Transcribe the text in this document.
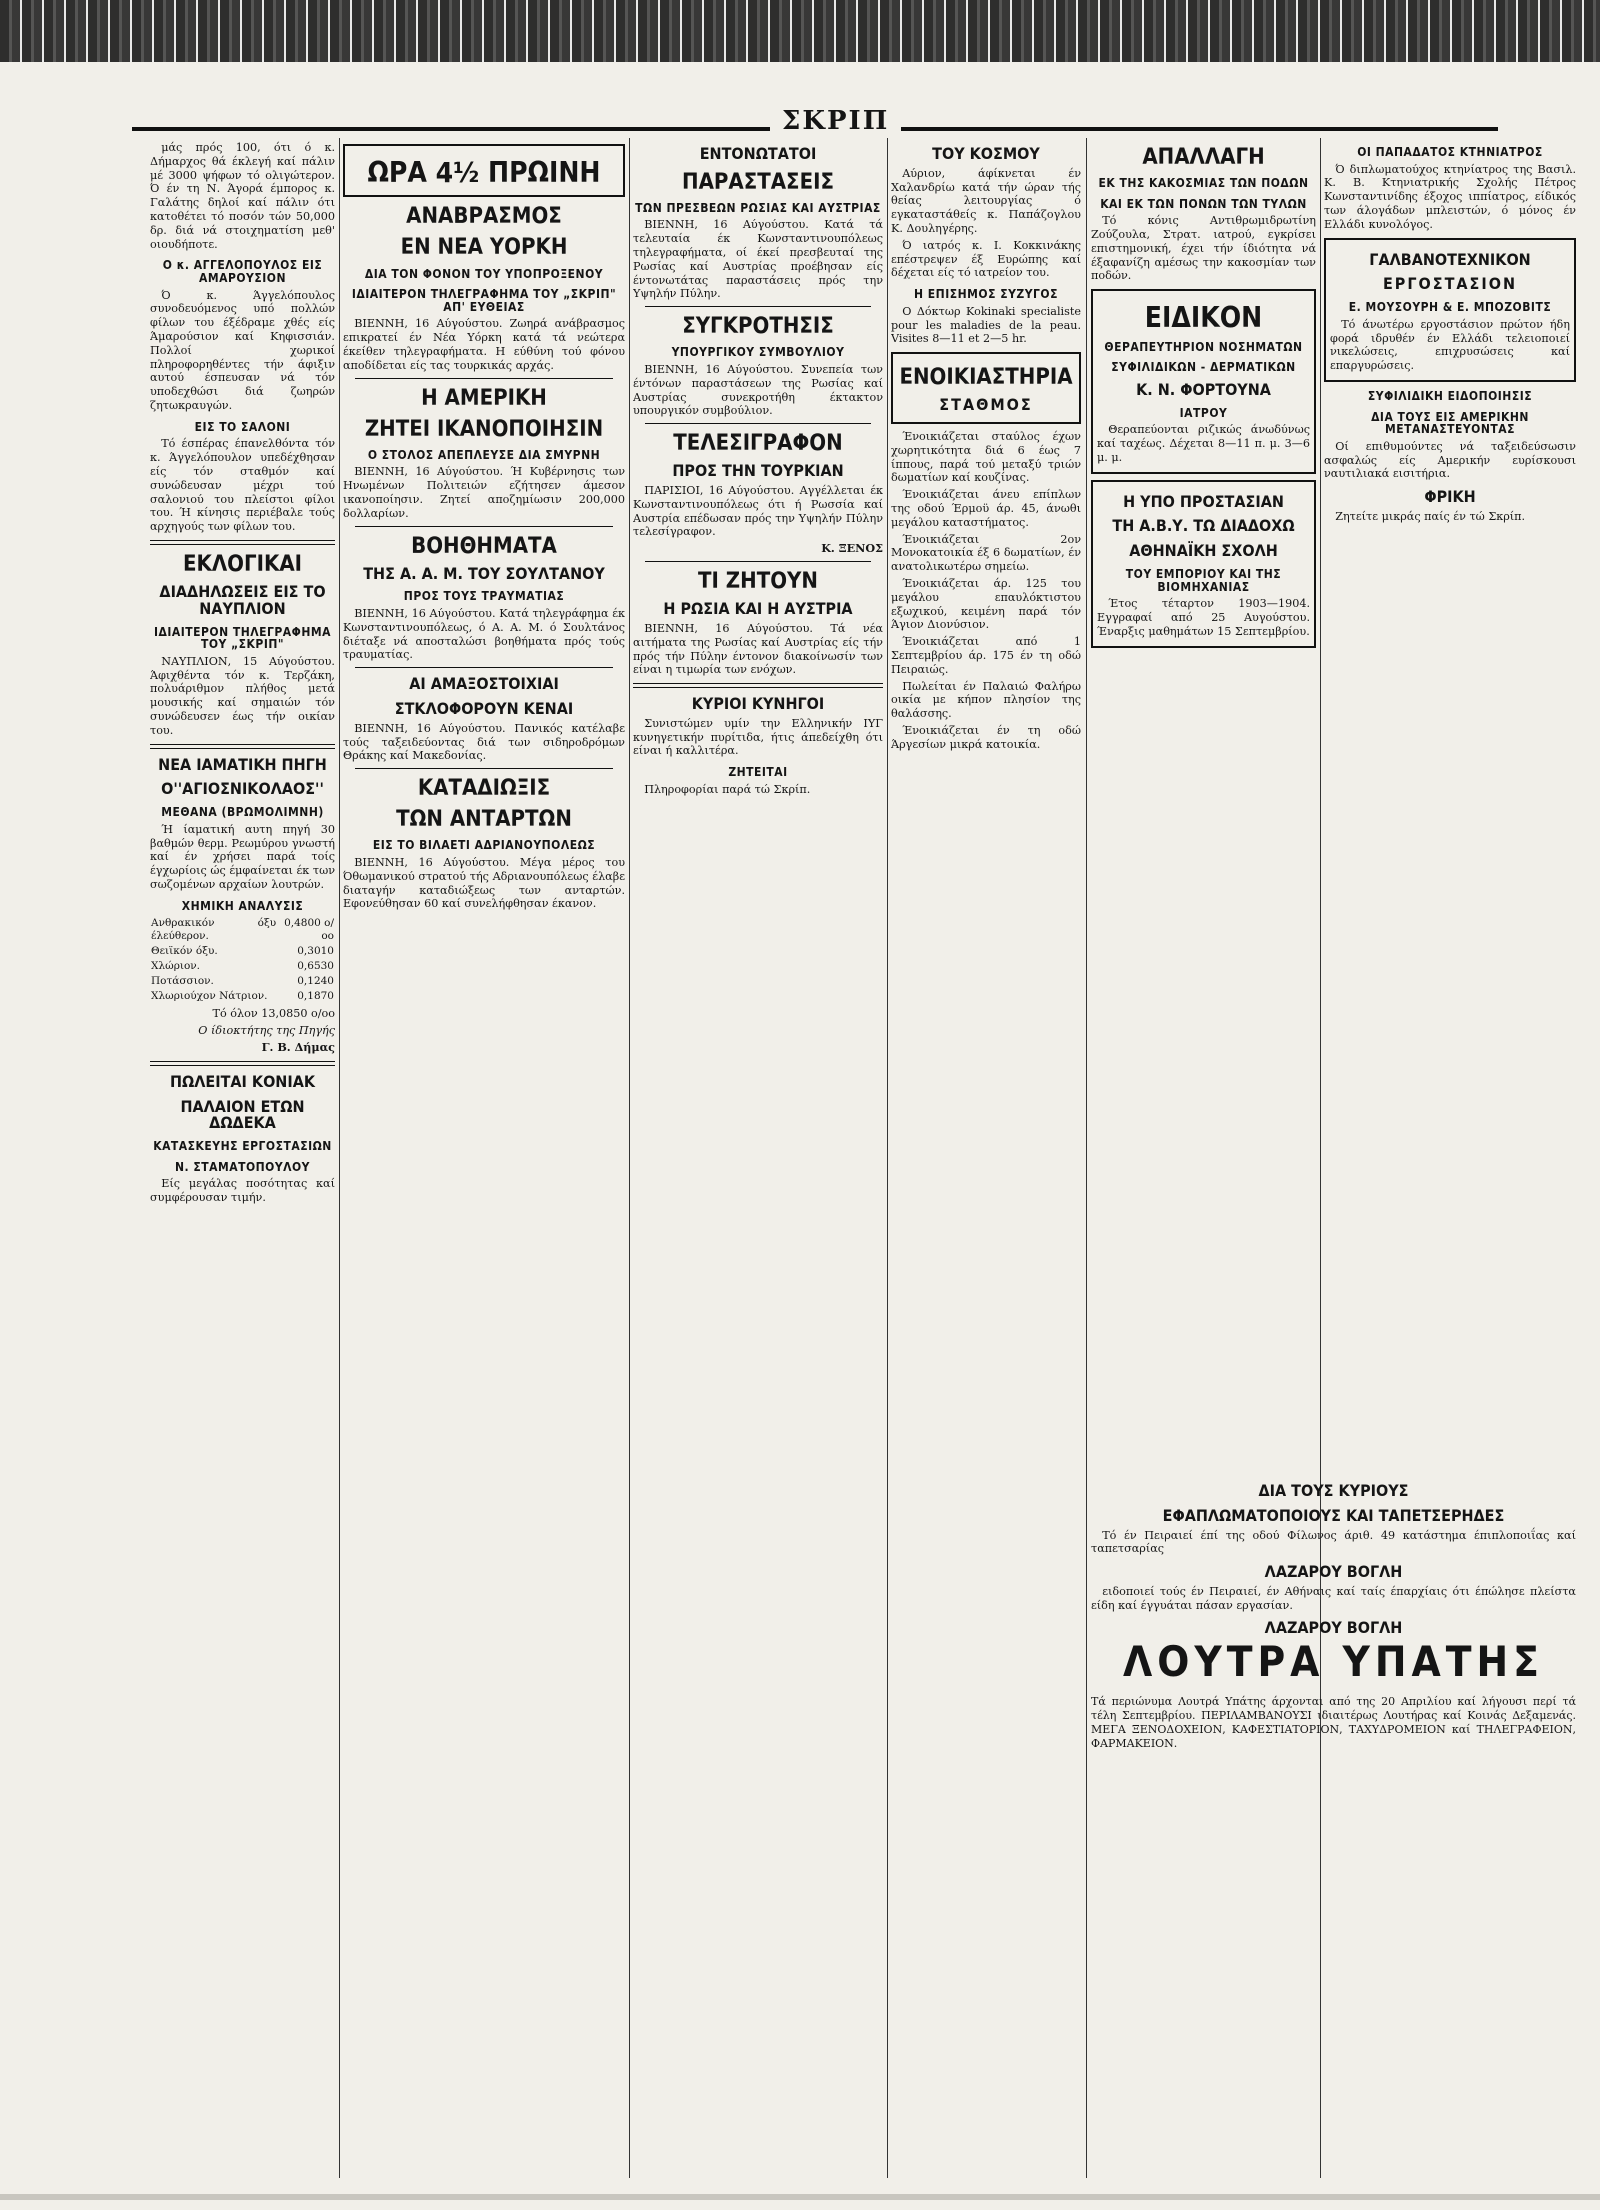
ΣΚΡΙΠ

μάς πρός 100, ότι ό κ. Δήμαρχος θά έκλεγή καί πάλιν μέ 3000 ψήφων τό ολιγώτερον. Ό έν τη Ν. Άγορά έμπορος κ. Γαλάτης δηλοί καί πάλιν ότι κατοθέτει τό ποσόν τών 50,000 δρ. διά νά στοιχηματίση μεθ' οιουδήποτε.

Ο κ. ΑΓΓΕΛΟΠΟΥΛΟΣ ΕΙΣ ΑΜΑΡΟΥΣΙΟΝ

Ό κ. Άγγελόπουλος συνοδευόμενος υπό πολλών φίλων του έξέδραμε χθές είς Άμαρούσιον καί Κηφισσιάν. Πολλοί χωρικοί πληροφορηθέντες τήν άφιξιν αυτού έσπευσαν νά τόν υποδεχθώσι διά ζωηρών ζητωκραυγών.

ΕΙΣ ΤΟ ΣΑΛΟΝΙ

Τό έσπέρας έπανελθόντα τόν κ. Άγγελόπουλον υπεδέχθησαν είς τόν σταθμόν καί συνώδευσαν μέχρι τού σαλονιού του πλείστοι φίλοι του. Ή κίνησις περιέβαλε τούς αρχηγούς των φίλων του.

ΕΚΛΟΓΙΚΑΙ
ΔΙΑΔΗΛΩΣΕΙΣ ΕΙΣ ΤΟ ΝΑΥΠΛΙΟΝ
ΙΔΙΑΙΤΕΡΟΝ ΤΗΛΕΓΡΑΦΗΜΑ ΤΟΥ „ΣΚΡΙΠ"

ΝΑΥΠΛΙΟΝ, 15 Αύγούστου. Άφιχθέντα τόν κ. Τερζάκη, πολυάριθμον πλήθος μετά μουσικής καί σημαιών τόν συνώδευσεν έως τήν οικίαν του.

ΝΕΑ ΙΑΜΑΤΙΚΗ ΠΗΓΗ
Ο''ΑΓΙΟΣΝΙΚΟΛΑΟΣ''
ΜΕΘΑΝΑ (ΒΡΩΜΟΛΙΜΝΗ)

Ή ίαματική αυτη πηγή 30 βαθμών θερμ. Ρεωμύρου γνωστή καί έν χρήσει παρά τοίς έγχωρίοις ώς έμφαίνεται έκ των σωζομένων αρχαίων λουτρών.

ΧΗΜΙΚΗ ΑΝΑΛΥΣΙΣ
Ανθρακικόν όξυ έλεύθερον.	0,4800 ο/οο
Θειϊκόν όξυ.	0,3010
Χλώριον.	0,6530
Ποτάσσιον.	0,1240
Χλωριούχον Νάτριον.	0,1870

Τό όλον 13,0850 ο/οο

Ο ίδιοκτήτης της Πηγής

Γ. Β. Δήμας

ΠΩΛΕΙΤΑΙ ΚΟΝΙΑΚ
ΠΑΛΑΙΟΝ ΕΤΩΝ ΔΩΔΕΚΑ
ΚΑΤΑΣΚΕΥΗΣ ΕΡΓΟΣΤΑΣΙΩΝ
Ν. ΣΤΑΜΑΤΟΠΟΥΛΟΥ

Είς μεγάλας ποσότητας καί συμφέρουσαν τιμήν.

ΩΡΑ 4½ ΠΡΩΙΝΗ
ΑΝΑΒΡΑΣΜΟΣ
ΕΝ ΝΕΑ ΥΟΡΚΗ
ΔΙΑ ΤΟΝ ΦΟΝΟΝ ΤΟΥ ΥΠΟΠΡΟΞΕΝΟΥ
ΙΔΙΑΙΤΕΡΟΝ ΤΗΛΕΓΡΑΦΗΜΑ ΤΟΥ „ΣΚΡΙΠ" ΑΠ' ΕΥΘΕΙΑΣ

ΒΙΕΝΝΗ, 16 Αύγούστου. Ζωηρά ανάβρασμος επικρατεί έν Νέα Υόρκη κατά τά νεώτερα έκείθεν τηλεγραφήματα. Η εύθύνη τού φόνου αποδίδεται είς τας τουρκικάς αρχάς.

Η ΑΜΕΡΙΚΗ
ΖΗΤΕΙ ΙΚΑΝΟΠΟΙΗΣΙΝ
Ο ΣΤΟΛΟΣ ΑΠΕΠΛΕΥΣΕ ΔΙΑ ΣΜΥΡΝΗ

ΒΙΕΝΝΗ, 16 Αύγούστου. Ή Κυβέρνησις των Ηνωμένων Πολιτειών εζήτησεν άμεσον ικανοποίησιν. Ζητεί αποζημίωσιν 200,000 δολλαρίων.

ΒΟΗΘΗΜΑΤΑ
ΤΗΣ Α. Α. Μ. ΤΟΥ ΣΟΥΛΤΑΝΟΥ
ΠΡΟΣ ΤΟΥΣ ΤΡΑΥΜΑΤΙΑΣ

ΒΙΕΝΝΗ, 16 Αύγούστου. Κατά τηλεγράφημα έκ Κωνσταντινουπόλεως, ό Α. Α. Μ. ό Σουλτάνος διέταξε νά αποσταλώσι βοηθήματα πρός τούς τραυματίας.

ΑΙ ΑΜΑΞΟΣΤΟΙΧΙΑΙ
ΣΤΚΛΟΦΟΡΟΥΝ ΚΕΝΑΙ

ΒΙΕΝΝΗ, 16 Αύγούστου. Πανικός κατέλαβε τούς ταξειδεύοντας διά των σιδηροδρόμων Θράκης καί Μακεδονίας.

ΚΑΤΑΔΙΩΞΙΣ
ΤΩΝ ΑΝΤΑΡΤΩΝ
ΕΙΣ ΤΟ ΒΙΛΑΕΤΙ ΑΔΡΙΑΝΟΥΠΟΛΕΩΣ

ΒΙΕΝΝΗ, 16 Αύγούστου. Μέγα μέρος του Όθωμανικού στρατού τής Αδριανουπόλεως έλαβε διαταγήν καταδιώξεως των ανταρτών. Εφονεύθησαν 60 καί συνελήφθησαν έκανον.

ΕΝΤΟΝΩΤΑΤΟΙ
ΠΑΡΑΣΤΑΣΕΙΣ
ΤΩΝ ΠΡΕΣΒΕΩΝ ΡΩΣΙΑΣ ΚΑΙ ΑΥΣΤΡΙΑΣ

ΒΙΕΝΝΗ, 16 Αύγούστου. Κατά τά τελευταία έκ Κωνσταντινουπόλεως τηλεγραφήματα, οί έκεί πρεσβευταί της Ρωσίας καί Αυστρίας προέβησαν είς έντονωτάτας παραστάσεις πρός την Υψηλήν Πύλην.

ΣΥΓΚΡΟΤΗΣΙΣ
ΥΠΟΥΡΓΙΚΟΥ ΣΥΜΒΟΥΛΙΟΥ

ΒΙΕΝΝΗ, 16 Αύγούστου. Συνεπεία των έντόνων παραστάσεων της Ρωσίας καί Αυστρίας συνεκροτήθη έκτακτον υπουργικόν συμβούλιον.

ΤΕΛΕΣΙΓΡΑΦΟΝ
ΠΡΟΣ ΤΗΝ ΤΟΥΡΚΙΑΝ

ΠΑΡΙΣΙΟΙ, 16 Αύγούστου. Αγγέλλεται έκ Κωνσταντινουπόλεως ότι ή Ρωσσία καί Αυστρία επέδωσαν πρός την Υψηλήν Πύλην τελεσίγραφον.

Κ. ΞΕΝΟΣ

ΤΙ ΖΗΤΟΥΝ
Η ΡΩΣΙΑ ΚΑΙ Η ΑΥΣΤΡΙΑ

ΒΙΕΝΝΗ, 16 Αύγούστου. Τά νέα αιτήματα της Ρωσίας καί Αυστρίας είς τήν πρός τήν Πύλην έντονον διακοίνωσίν των είναι η τιμωρία των ενόχων.

ΚΥΡΙΟΙ ΚΥΝΗΓΟΙ

Συνιστώμεν υμίν την Ελληνικήν ΙΥΓ κυνηγετικήν πυρίτιδα, ήτις άπεδείχθη ότι είναι ή καλλιτέρα.

ΖΗΤΕΙΤΑΙ

Πληροφορίαι παρά τώ Σκρίπ.

ΤΟΥ ΚΟΣΜΟΥ

Αύριον, άφίκνεται έν Χαλανδρίω κατά τήν ώραν τής θείας λειτουργίας ό εγκαταστάθείς κ. Παπάζογλου Κ. Δουληγέρης.

Ό ιατρός κ. Ι. Κοκκινάκης επέστρεψεν έξ Ευρώπης καί δέχεται είς τό ιατρείον του.

Η ΕΠΙΣΗΜΟΣ ΣΥΖΥΓΟΣ

Ο Δόκτωρ Kokinaki specialiste pour les maladies de la peau. Visites 8—11 et 2—5 hr.

ΕΝΟΙΚΙΑΣΤΗΡΙΑ
ΣΤΑΘΜΟΣ

Ένοικιάζεται σταύλος έχων χωρητικότητα διά 6 έως 7 ίππους, παρά τού μεταξύ τριών δωματίων καί κουζίνας.

Ένοικιάζεται άνευ επίπλων της οδού Έρμοϋ άρ. 45, άνωθι μεγάλου καταστήματος.

Ένοικιάζεται 2ον Μονοκατοικία έξ 6 δωματίων, έν ανατολικωτέρω σημείω.

Ένοικιάζεται άρ. 125 του μεγάλου επαυλόκτιστου εξωχικού, κειμένη παρά τόν Άγιον Διονύσιον.

Ένοικιάζεται από 1 Σεπτεμβρίου άρ. 175 έν τη οδώ Πειραιώς.

Πωλείται έν Παλαιώ Φαλήρω οικία με κήπον πλησίον της θαλάσσης.

Ένοικιάζεται έν τη οδώ Άργεσίων μικρά κατοικία.

ΑΠΑΛΛΑΓΗ
ΕΚ ΤΗΣ ΚΑΚΟΣΜΙΑΣ ΤΩΝ ΠΟΔΩΝ
ΚΑΙ ΕΚ ΤΩΝ ΠΟΝΩΝ ΤΩΝ ΤΥΛΩΝ

Τό κόνις Αντιθρωμιδρωτίνη Ζούζουλα, Στρατ. ιατρού, εγκρίσει επιστημονική, έχει τήν ίδιότητα νά έξαφανίζη αμέσως την κακοσμίαν των ποδών.

ΕΙΔΙΚΟΝ
ΘΕΡΑΠΕΥΤΗΡΙΟΝ ΝΟΣΗΜΑΤΩΝ
ΣΥΦΙΛΙΔΙΚΩΝ - ΔΕΡΜΑΤΙΚΩΝ
Κ. Ν. ΦΟΡΤΟΥΝΑ
ΙΑΤΡΟΥ

Θεραπεύονται ριζικώς άνωδύνως καί ταχέως. Δέχεται 8—11 π. μ. 3—6 μ. μ.

Η ΥΠΟ ΠΡΟΣΤΑΣΙΑΝ
ΤΗ Α.Β.Υ. ΤΩ ΔΙΑΔΟΧΩ
ΑΘΗΝΑΪΚΗ ΣΧΟΛΗ
ΤΟΥ ΕΜΠΟΡΙΟΥ ΚΑΙ ΤΗΣ ΒΙΟΜΗΧΑΝΙΑΣ

Έτος τέταρτον 1903—1904. Εγγραφαί από 25 Αυγούστου. Έναρξις μαθημάτων 15 Σεπτεμβρίου.

ΟΙ ΠΑΠΑΔΑΤΟΣ ΚΤΗΝΙΑΤΡΟΣ

Ό διπλωματούχος κτηνίατρος της Βασιλ. Κ. Β. Κτηνιατρικής Σχολής Πέτρος Κωνσταντινίδης έξοχος ιππίατρος, είδικός των άλογάδων μπλειστών, ό μόνος έν Ελλάδι κυνολόγος.

ΓΑΛΒΑΝΟΤΕΧΝΙΚΟΝ
ΕΡΓΟΣΤΑΣΙΟΝ
Ε. ΜΟΥΣΟΥΡΗ & Ε. ΜΠΟΖΟΒΙΤΣ

Τό άνωτέρω εργοστάσιον πρώτον ήδη φορά ιδρυθέν έν Ελλάδι τελειοποιεί νικελώσεις, επιχρυσώσεις καί επαργυρώσεις.

ΣΥΦΙΛΙΔΙΚΗ ΕΙΔΟΠΟΙΗΣΙΣ
ΔΙΑ ΤΟΥΣ ΕΙΣ ΑΜΕΡΙΚΗΝ ΜΕΤΑΝΑΣΤΕΥΟΝΤΑΣ

Οί επιθυμούντες νά ταξειδεύσωσιν ασφαλώς είς Αμερικήν ευρίσκουσι ναυτιλιακά εισιτήρια.

ΦΡΙΚΗ

Ζητείτε μικράς παίς έν τώ Σκρίπ.

ΔΙΑ ΤΟΥΣ ΚΥΡΙΟΥΣ
ΕΦΑΠΛΩΜΑΤΟΠΟΙΟΥΣ ΚΑΙ ΤΑΠΕΤΣΕΡΗΔΕΣ

Τό έν Πειραιεί έπί της οδού Φίλωνος άριθ. 49 κατάστημα έπιπλοποιΐας καί ταπετσαρίας

ΛΑΖΑΡΟΥ ΒΟΓΛΗ

ειδοποιεί τούς έν Πειραιεί, έν Αθήναις καί ταίς έπαρχίαις ότι έπώλησε πλείστα είδη καί έγγυάται πάσαν εργασίαν.

ΛΑΖΑΡΟΥ ΒΟΓΛΗ
ΛΟΥΤΡΑ ΥΠΑΤΗΣ
Τά περιώνυμα Λουτρά Υπάτης άρχονται από της 20 Απριλίου καί λήγουσι περί τά τέλη Σεπτεμβρίου. ΠΕΡΙΛΑΜΒΑΝΟΥΣΙ ιδιαιτέρως Λουτήρας καί Κοινάς Δεξαμενάς. ΜΕΓΑ ΞΕΝΟΔΟΧΕΙΟΝ, ΚΑΦΕΣΤΙΑΤΟΡΙΟΝ, ΤΑΧΥΔΡΟΜΕΙΟΝ καί ΤΗΛΕΓΡΑΦΕΙΟΝ, ΦΑΡΜΑΚΕΙΟΝ.
